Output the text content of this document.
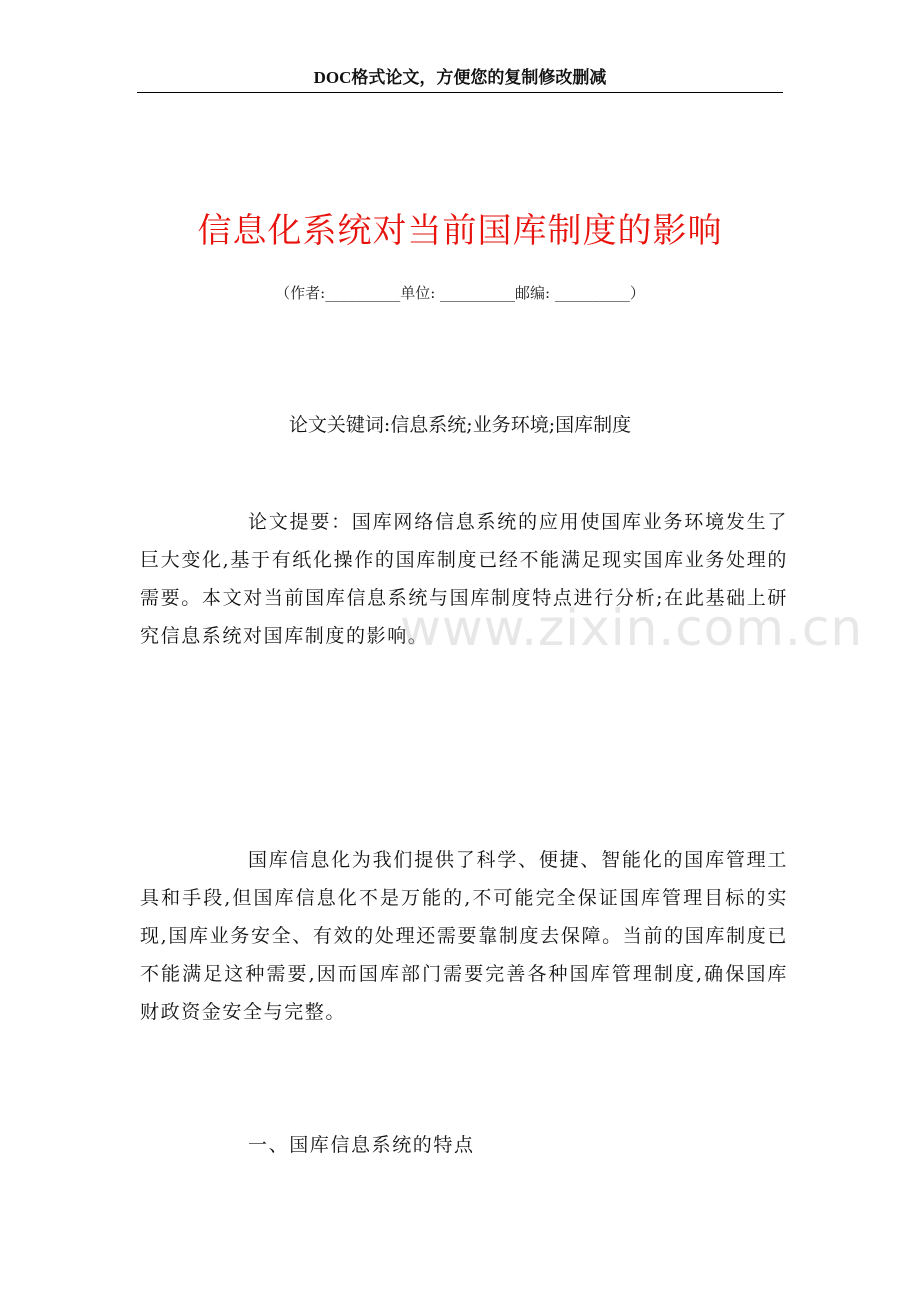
DOC格式论文，方便您的复制修改删减
信息化系统对当前国库制度的影响
（作者:__________单位: __________邮编: __________）
论文关键词:信息系统;业务环境;国库制度

论文提要：国库网络信息系统的应用使国库业务环境发生了巨大变化,基于有纸化操作的国库制度已经不能满足现实国库业务处理的需要。本文对当前国库信息系统与国库制度特点进行分析;在此基础上研究信息系统对国库制度的影响。

www.zixin.com.cn

国库信息化为我们提供了科学、便捷、智能化的国库管理工具和手段,但国库信息化不是万能的,不可能完全保证国库管理目标的实现,国库业务安全、有效的处理还需要靠制度去保障。当前的国库制度已不能满足这种需要,因而国库部门需要完善各种国库管理制度,确保国库财政资金安全与完整。

一、国库信息系统的特点
